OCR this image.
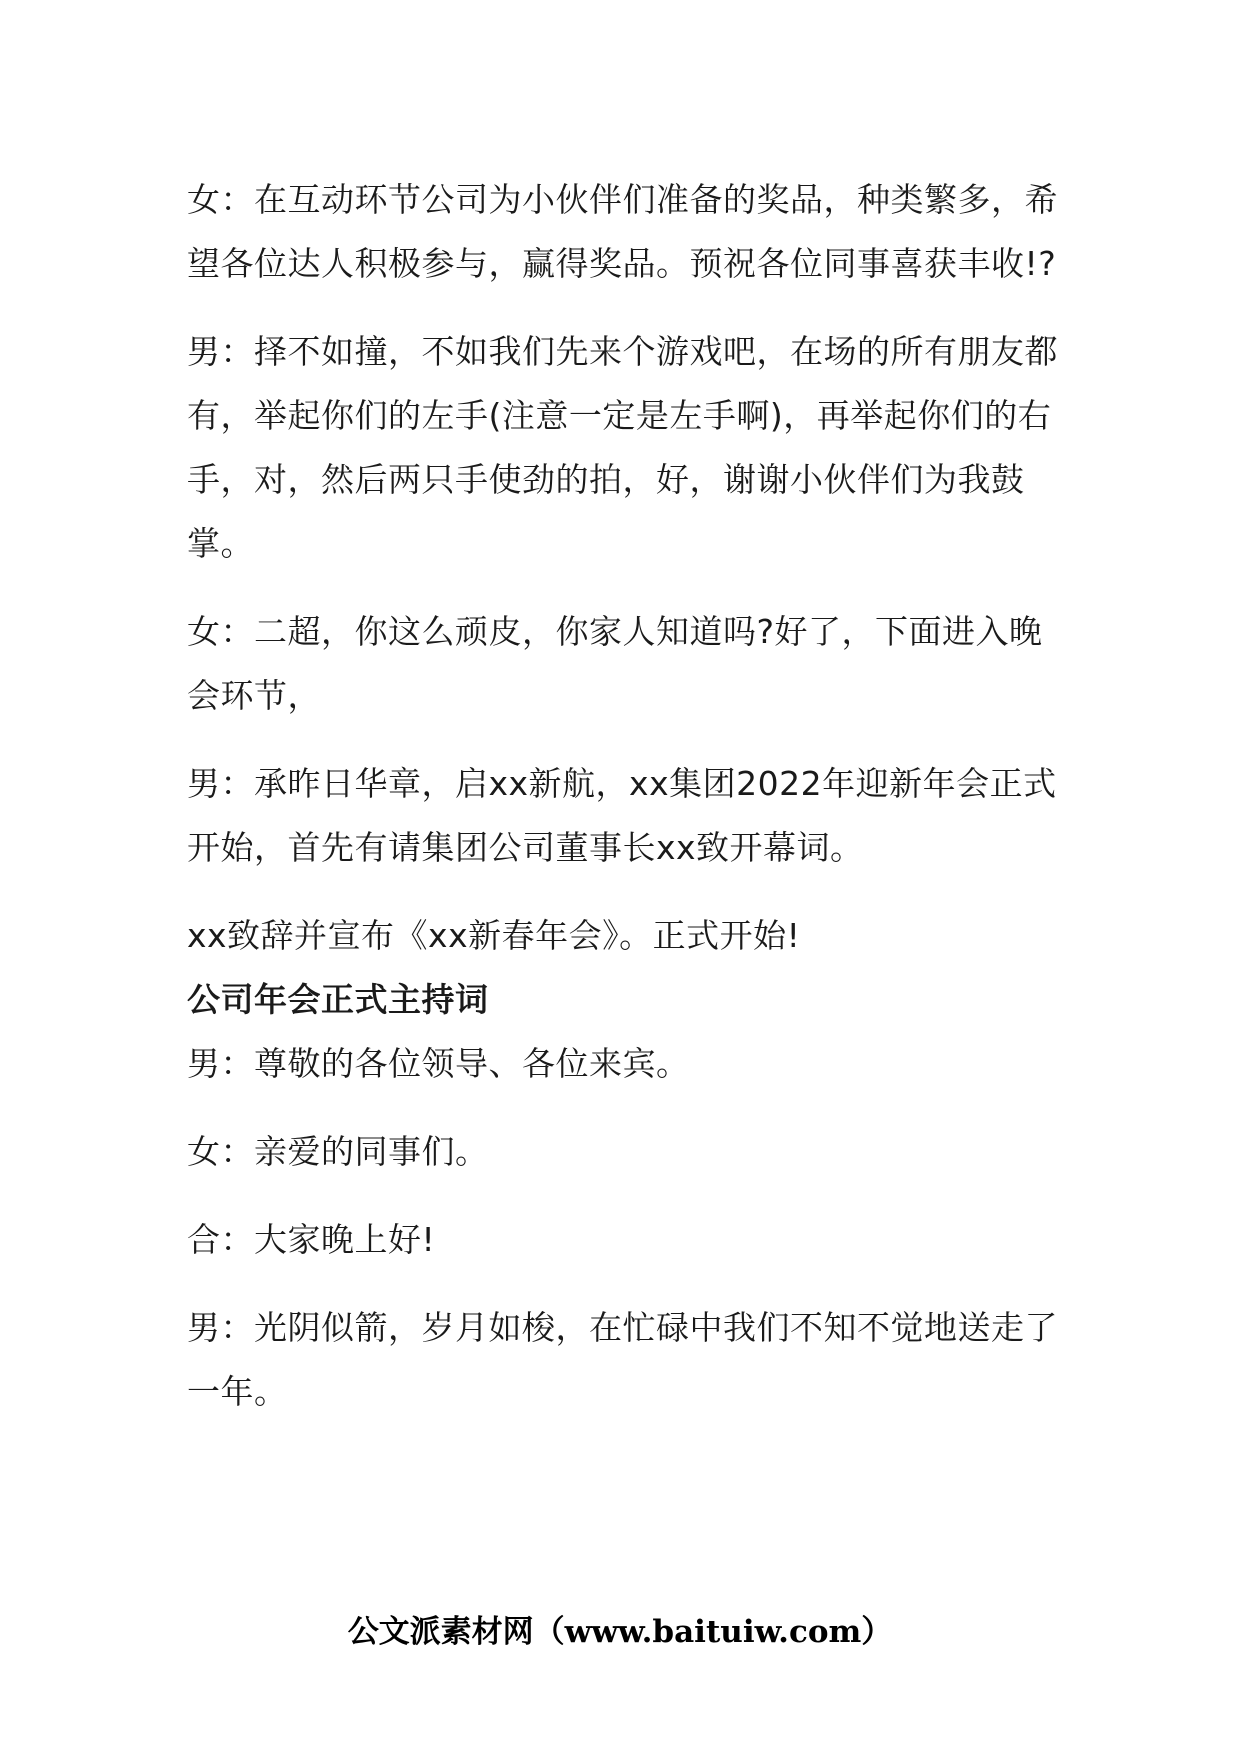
女：在互动环节公司为小伙伴们准备的奖品，种类繁多，希望各位达人积极参与，赢得奖品。预祝各位同事喜获丰收!?

男：择不如撞，不如我们先来个游戏吧，在场的所有朋友都有，举起你们的左手(注意一定是左手啊)，再举起你们的右手，对，然后两只手使劲的拍，好，谢谢小伙伴们为我鼓掌。

女：二超，你这么顽皮，你家人知道吗?好了，下面进入晚会环节，

男：承昨日华章，启xx新航，xx集团2022年迎新年会正式开始，首先有请集团公司董事长xx致开幕词。

xx致辞并宣布《xx新春年会》。正式开始!

公司年会正式主持词

男：尊敬的各位领导、各位来宾。

女：亲爱的同事们。

合：大家晚上好!

男：光阴似箭，岁月如梭，在忙碌中我们不知不觉地送走了一年。

公文派素材网（www.baituiw.com）
